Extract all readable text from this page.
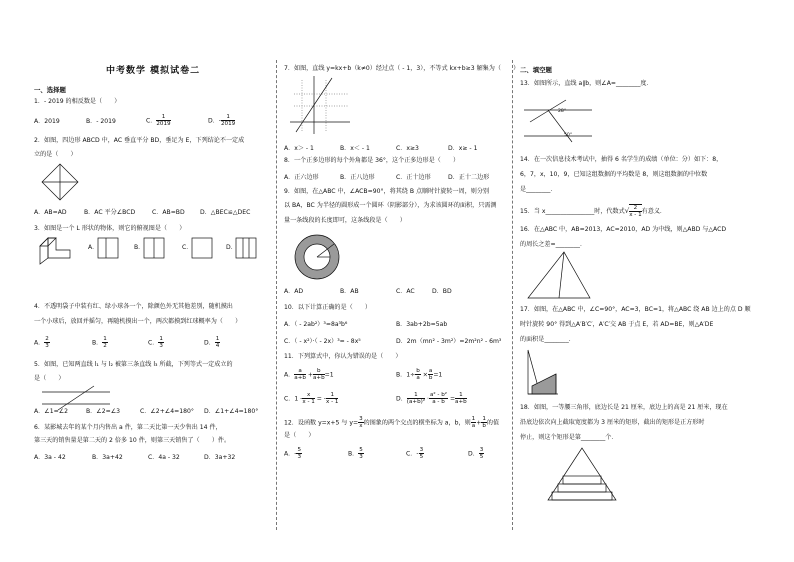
中考数学 模拟试卷二
一、选择题
1．- 2019 的相反数是（　　）
A．2019	B．- 2019	C． $\frac{1}{2019}$	D．- $\frac{1}{2019}$
2．如图，四边形 ABCD 中，AC 垂直平分 BD，垂足为 E，下列结论不一定成
立的是（　　）
A．AB=AD	B．AC 平分∠BCD	C．AB=BD	D．△BEC≌△DEC
3．如图是一个 L 形状的物体，则它的俯视图是（　　）
A．	B．	C．	D．
4．不透明袋子中装有红、绿小球各一个，除颜色外无其他差别，随机摸出
一个小球后，放回并摇匀，再随机摸出一个，两次都摸到红球概率为（　　）
A． $\frac{2}{3}$	B． $\frac{1}{2}$	C． $\frac{1}{3}$	D． $\frac{1}{4}$
5．如图，已知两直线 l₁ 与 l₂ 被第三条直线 l₃ 所截，下列等式一定成立的
是（　　）
A．∠1=∠2	B．∠2=∠3	C．∠2+∠4=180° D．∠1+∠4=180°
6．某影城去年的某个月内售出 a 件，第二天比第一天少售出 14 件，
第三天的销售量是第二天的 2 倍多 10 件，则第三天销售了（　　）件。
A．3a - 42	B．3a+42	C．4a - 32	D．3a+32
7．如图，直线 y=kx+b（k≠0）经过点（ - 1，3），不等式 kx+b≥3 解集为（　　）
A．x＞ - 1	B．x＜ - 1	C．x≥3	D．x≥ - 1
8．一个正多边形的每个外角都是 36°，这个正多边形是（　　）
A．正六边形	B．正八边形	C．正十边形	D．正十二边形
9．如图，在△ABC 中，∠ACB=90°，将其绕 B 点顺时针旋转一周，则分别
以 BA，BC 为半径的圆形成一个圆环（阴影部分），为求该圆环的面积，只需测
量一条线段的长度即可，这条线段是（　　）
A．AD	B．AB	C．AC	D．BD
10．以下计算正确的是（　　）
A．（ - 2ab²）³=8a³b⁶	B．3ab+2b=5ab
C．（ - x²）·（ - 2x）³= - 8x⁵	D．2m（mn² - 3m²）=2m²n² - 6m³
11．下列算式中，你认为错误的是（　　）
A． $\frac{a}{a+b} + \frac{b}{a+b} =1$	B．$1\div \frac{b}{a} \times \frac{a}{b} =1$
C．$1 - \frac{x}{x - 1}$ = - $\frac{1}{x - 1}$	D． $\frac{1}{\text{(a+b)²}} \cdot \frac{\text{a² - b²}}{a - b} = \frac{1}{a+b}$
12．设函数 y=x+5 与 $y= \frac{3}{x}$ 的图象的两个交点的横坐标为 a，b，则 $\frac{1}{a} + \frac{1}{b}$ 的值
是（　　）
A．- $\frac{5}{3}$	B． $\frac{5}{3}$	C．- $\frac{3}{5}$	D． $\frac{3}{5}$
二、填空题
13．如图所示，直线 a∥b，则∠A=________度．
28°
50°
14．在一次信息技术考试中，抽得 6 名学生的成绩（单位：分）如下：8，
6，7，x，10，9，已知这组数据的平均数是 8，则这组数据的中位数
是________．
15．当 x________________时，代数式√ $\frac{2}{x - 1}$ 有意义．
16．在△ABC 中，AB=2013，AC=2010，AD 为中线，则△ABD 与△ACD
的周长之差=________．
17．如图，在△ABC 中，∠C=90°，AC=3，BC=1，将△ABC 绕 AB 边上的点 D 顺
时针旋转 90° 得到△A′B′C′，A′C′交 AB 于点 E，若 AD=BE，则△A′DE
的面积是________．
18．如图，一等腰三角形，底边长是 21 厘米，底边上的高是 21 厘米，现在
沿底边依次向上截取宽度都为 3 厘米的矩形，截出的矩形是正方形时
停止，则这个矩形是第________个．
